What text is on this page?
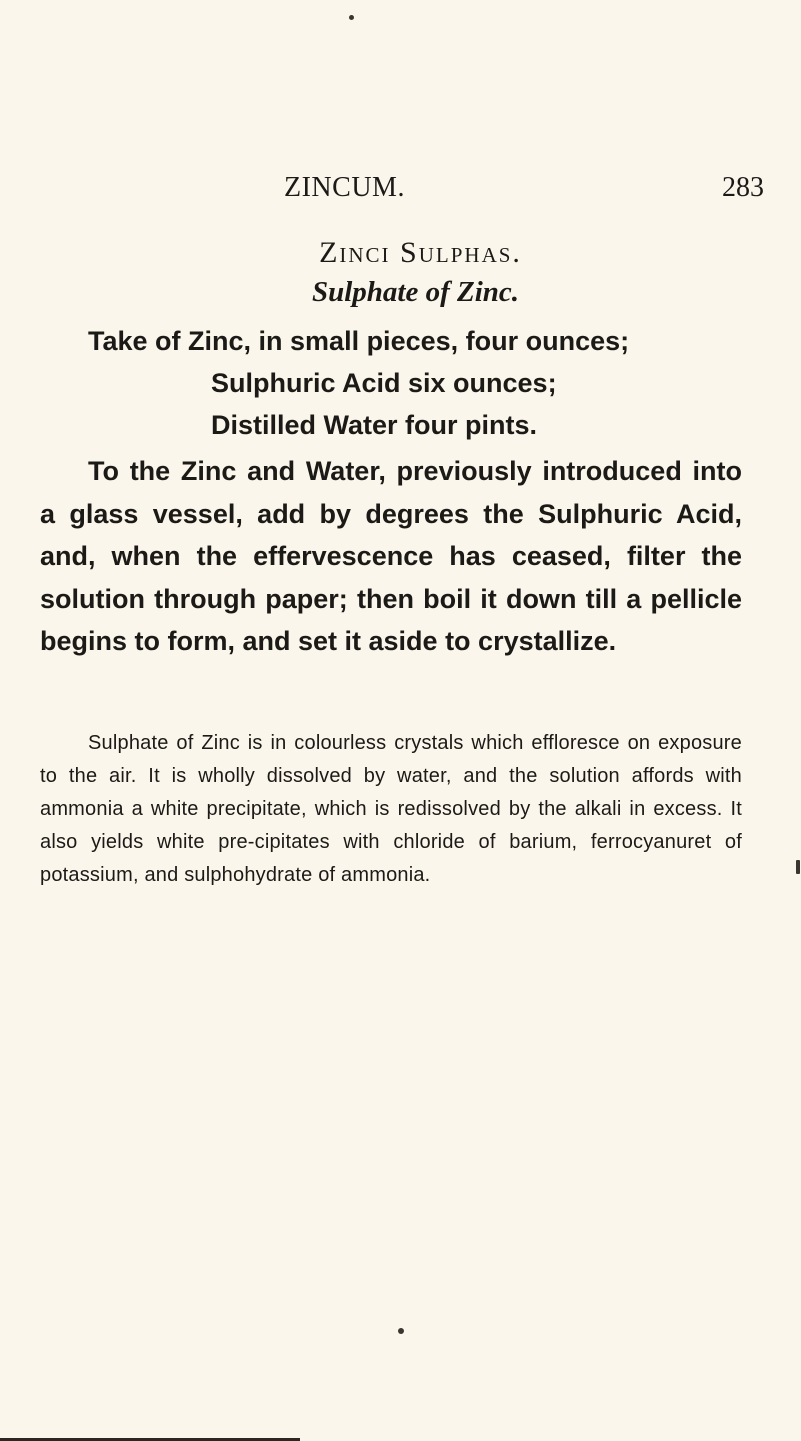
ZINCUM.	283
Zinci Sulphas.
Sulphate of Zinc.
Take of Zinc, in small pieces, four ounces;
Sulphuric Acid six ounces;
Distilled Water four pints.

To the Zinc and Water, previously introduced into a glass vessel, add by degrees the Sulphuric Acid, and, when the effervescence has ceased, filter the solution through paper; then boil it down till a pellicle begins to form, and set it aside to crystallize.

Sulphate of Zinc is in colourless crystals which effloresce on exposure to the air. It is wholly dissolved by water, and the solution affords with ammonia a white precipitate, which is redissolved by the alkali in excess. It also yields white pre-cipitates with chloride of barium, ferrocyanuret of potassium, and sulphohydrate of ammonia.
